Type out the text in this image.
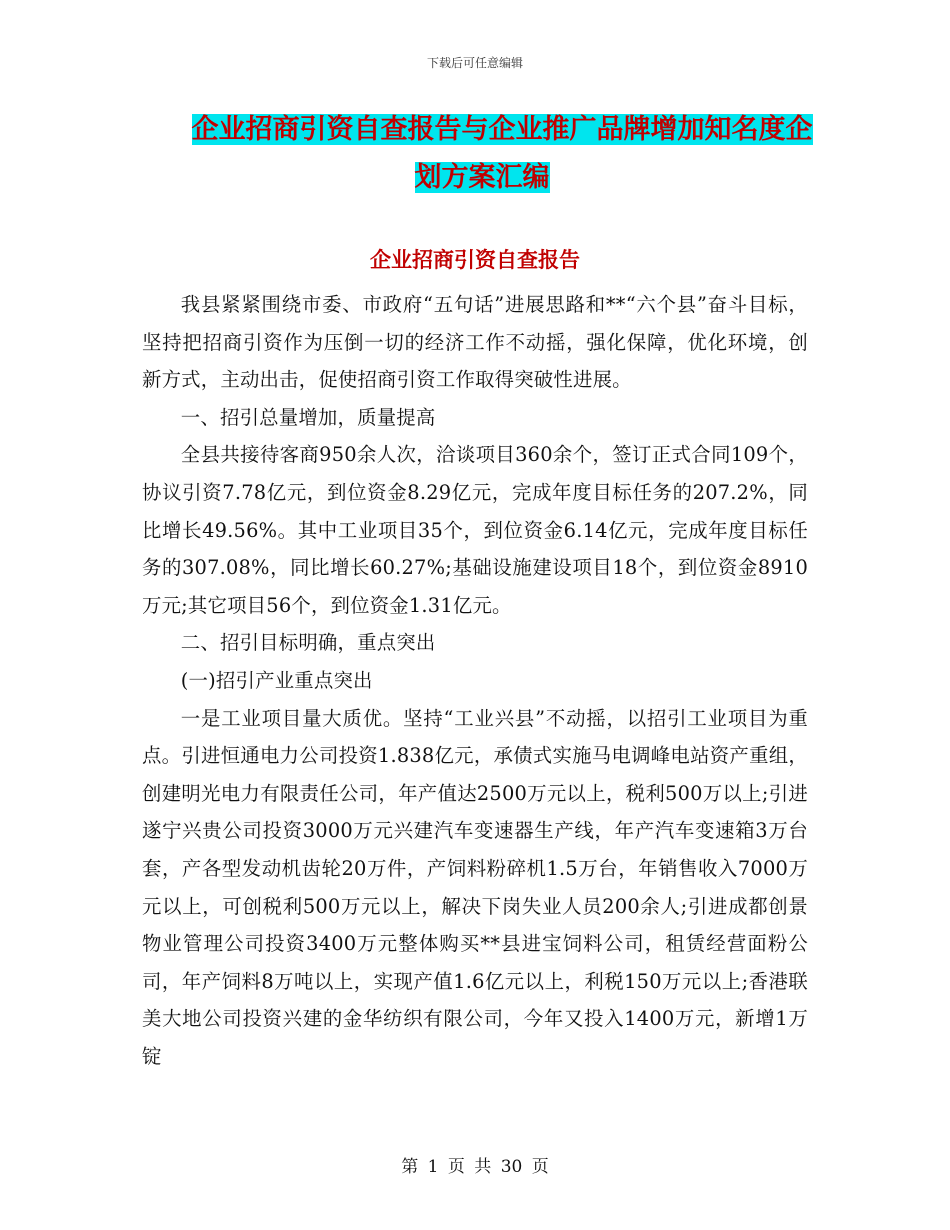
下载后可任意编辑
企业招商引资自查报告与企业推广品牌增加知名度企
划方案汇编
企业招商引资自查报告

我县紧紧围绕市委、市政府“五句话”进展思路和**“六个县”奋斗目标，坚持把招商引资作为压倒一切的经济工作不动摇，强化保障，优化环境，创新方式，主动出击，促使招商引资工作取得突破性进展。

一、招引总量增加，质量提高

全县共接待客商950余人次，洽谈项目360余个，签订正式合同109个，协议引资7.78亿元，到位资金8.29亿元，完成年度目标任务的207.2%，同比增长49.56%。其中工业项目35个，到位资金6.14亿元，完成年度目标任务的307.08%，同比增长60.27%;基础设施建设项目18个，到位资金8910万元;其它项目56个，到位资金1.31亿元。

二、招引目标明确，重点突出

(一)招引产业重点突出

一是工业项目量大质优。坚持“工业兴县”不动摇，以招引工业项目为重点。引进恒通电力公司投资1.838亿元，承债式实施马电调峰电站资产重组，创建明光电力有限责任公司，年产值达2500万元以上，税利500万以上;引进遂宁兴贵公司投资3000万元兴建汽车变速器生产线，年产汽车变速箱3万台套，产各型发动机齿轮20万件，产饲料粉碎机1.5万台，年销售收入7000万元以上，可创税利500万元以上，解决下岗失业人员200余人;引进成都创景物业管理公司投资3400万元整体购买**县进宝饲料公司，租赁经营面粉公司，年产饲料8万吨以上，实现产值1.6亿元以上，利税150万元以上;香港联美大地公司投资兴建的金华纺织有限公司，今年又投入1400万元，新增1万锭

第 1 页 共 30 页
